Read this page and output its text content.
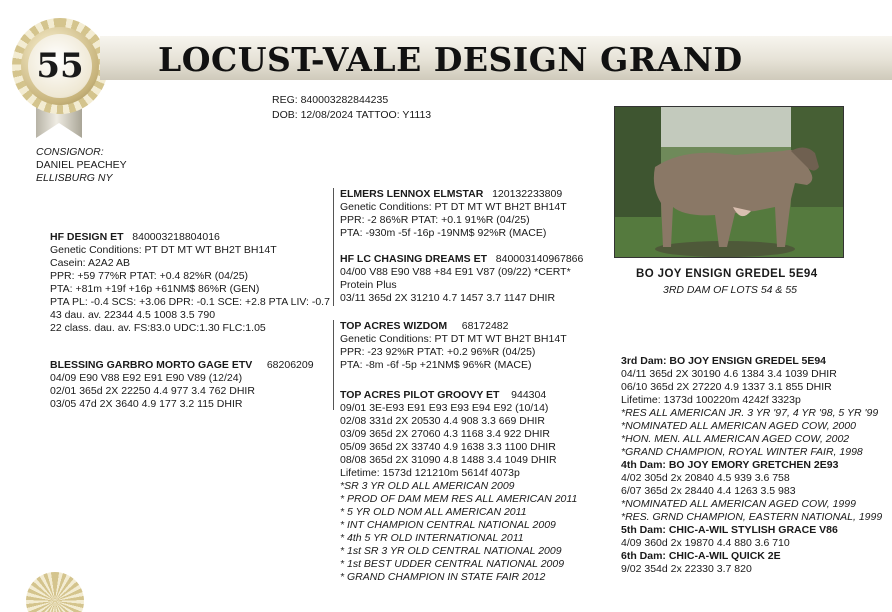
55 LOCUST-VALE DESIGN GRAND
REG: 840003282844235
DOB: 12/08/2024 TATTOO: Y1113
CONSIGNOR:
DANIEL PEACHEY
ELLISBURG NY
HF DESIGN ET 840003218804016
Genetic Conditions: PT DT MT WT BH2T BH14T
Casein: A2A2 AB
PPR: +59 77%R PTAT: +0.4 82%R (04/25)
PTA: +81m +19f +16p +61NM$ 86%R (GEN)
PTA PL: -0.4 SCS: +3.06 DPR: -0.1 SCE: +2.8 PTA LIV: -0.7
43 dau. av. 22344 4.5 1008 3.5 790
22 class. dau. av. FS:83.0 UDC:1.30 FLC:1.05
BLESSING GARBRO MORTO GAGE ETV 68206209
04/09 E90 V88 E92 E91 E90 V89 (12/24)
02/01 365d 2X 22250 4.4 977 3.4 762 DHIR
03/05 47d 2X 3640 4.9 177 3.2 115 DHIR
ELMERS LENNOX ELMSTAR 120132233809
Genetic Conditions: PT DT MT WT BH2T BH14T
PPR: -2 86%R PTAT: +0.1 91%R (04/25)
PTA: -930m -5f -16p -19NM$ 92%R (MACE)
HF LC CHASING DREAMS ET 840003140967866
04/00 V88 E90 V88 +84 E91 V87 (09/22) *CERT*
Protein Plus
03/11 365d 2X 31210 4.7 1457 3.7 1147 DHIR
TOP ACRES WIZDOM 68172482
Genetic Conditions: PT DT MT WT BH2T BH14T
PPR: -23 92%R PTAT: +0.2 96%R (04/25)
PTA: -8m -6f -5p +21NM$ 96%R (MACE)
TOP ACRES PILOT GROOVY ET 944304
09/01 3E-E93 E91 E93 E93 E94 E92 (10/14)
02/08 331d 2X 20530 4.4 908 3.3 669 DHIR
03/09 365d 2X 27060 4.3 1168 3.4 922 DHIR
05/09 365d 2X 33740 4.9 1638 3.3 1100 DHIR
08/08 365d 2X 31090 4.8 1488 3.4 1049 DHIR
Lifetime: 1573d 121210m 5614f 4073p
*SR 3 YR OLD ALL AMERICAN 2009
* PROD OF DAM MEM RES ALL AMERICAN 2011
* 5 YR OLD NOM ALL AMERICAN 2011
* INT CHAMPION CENTRAL NATIONAL 2009
* 4th 5 YR OLD INTERNATIONAL 2011
* 1st SR 3 YR OLD CENTRAL NATIONAL 2009
* 1st BEST UDDER CENTRAL NATIONAL 2009
* GRAND CHAMPION IN STATE FAIR 2012
BO JOY ENSIGN GREDEL 5E94
3RD DAM OF LOTS 54 & 55
3rd Dam: BO JOY ENSIGN GREDEL 5E94
04/11 365d 2X 30190 4.6 1384 3.4 1039 DHIR
06/10 365d 2X 27220 4.9 1337 3.1 855 DHIR
Lifetime: 1373d 100220m 4242f 3323p
*RES ALL AMERICAN JR. 3 YR '97, 4 YR '98, 5 YR '99
*NOMINATED ALL AMERICAN AGED COW, 2000
*HON. MEN. ALL AMERICAN AGED COW, 2002
*GRAND CHAMPION, ROYAL WINTER FAIR, 1998
4th Dam: BO JOY EMORY GRETCHEN 2E93
4/02 305d 2x 20840 4.5 939 3.6 758
6/07 365d 2x 28440 4.4 1263 3.5 983
*NOMINATED ALL AMERICAN AGED COW, 1999
*RES. GRND CHAMPION, EASTERN NATIONAL, 1999
5th Dam: CHIC-A-WIL STYLISH GRACE V86
4/09 360d 2x 19870 4.4 880 3.6 710
6th Dam: CHIC-A-WIL QUICK 2E
9/02 354d 2x 22330 3.7 820
